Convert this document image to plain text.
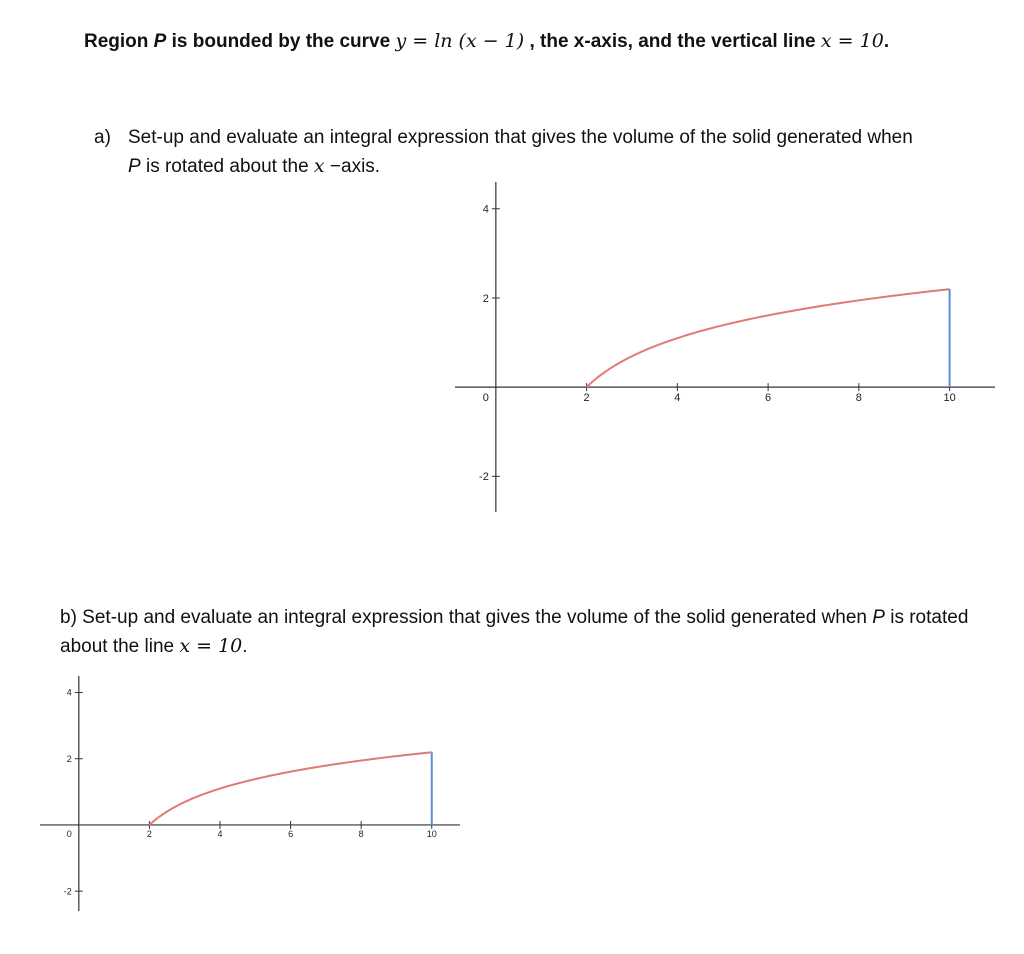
Region P is bounded by the curve y = ln (x − 1) , the x-axis, and the vertical line x = 10.
a) Set-up and evaluate an integral expression that gives the volume of the solid generated when
P is rotated about the x −axis.
2	4	6	8	10
4
2
0
-2
b) Set-up and evaluate an integral expression that gives the volume of the solid generated when P is rotated about the line x = 10.
2	4	6	8	10
4
2
0
-2
